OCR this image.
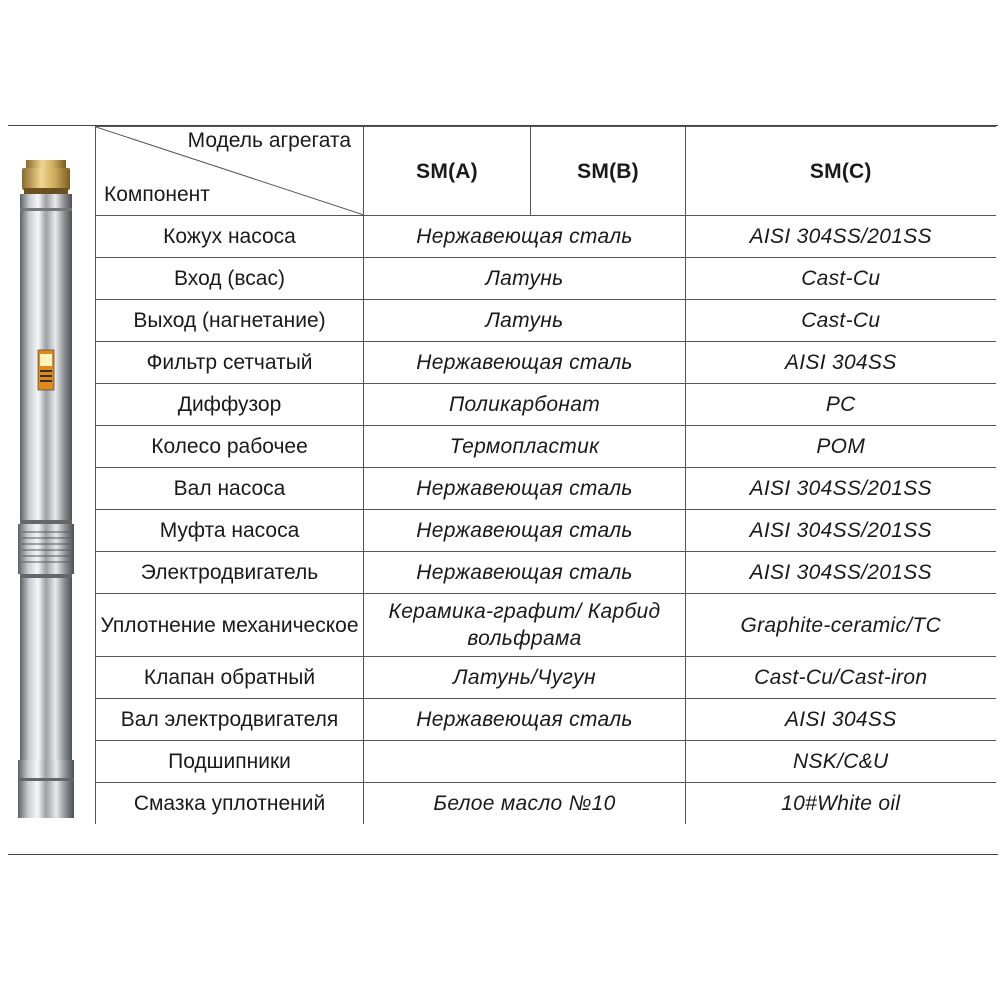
Модель агрегата
Компонент	SM(A)	SM(B)	SM(C)
Кожух насоса	Нержавеющая сталь		AISI 304SS/201SS
Вход (всас)	Латунь		Cast-Cu
Выход (нагнетание)	Латунь		Cast-Cu
Фильтр сетчатый	Нержавеющая сталь		AISI 304SS
Диффузор	Поликарбонат		PC
Колесо рабочее	Термопластик		POM
Вал насоса	Нержавеющая сталь		AISI 304SS/201SS
Муфта насоса	Нержавеющая сталь		AISI 304SS/201SS
Электродвигатель	Нержавеющая сталь		AISI 304SS/201SS
Уплотнение механическое	Керамика-графит/ Карбид вольфрама		Graphite-ceramic/TC
Клапан обратный	Латунь/Чугун		Cast-Cu/Cast-iron
Вал электродвигателя	Нержавеющая сталь		AISI 304SS
Подшипники			NSK/C&U
Смазка уплотнений	Белое масло №10		10#White oil
